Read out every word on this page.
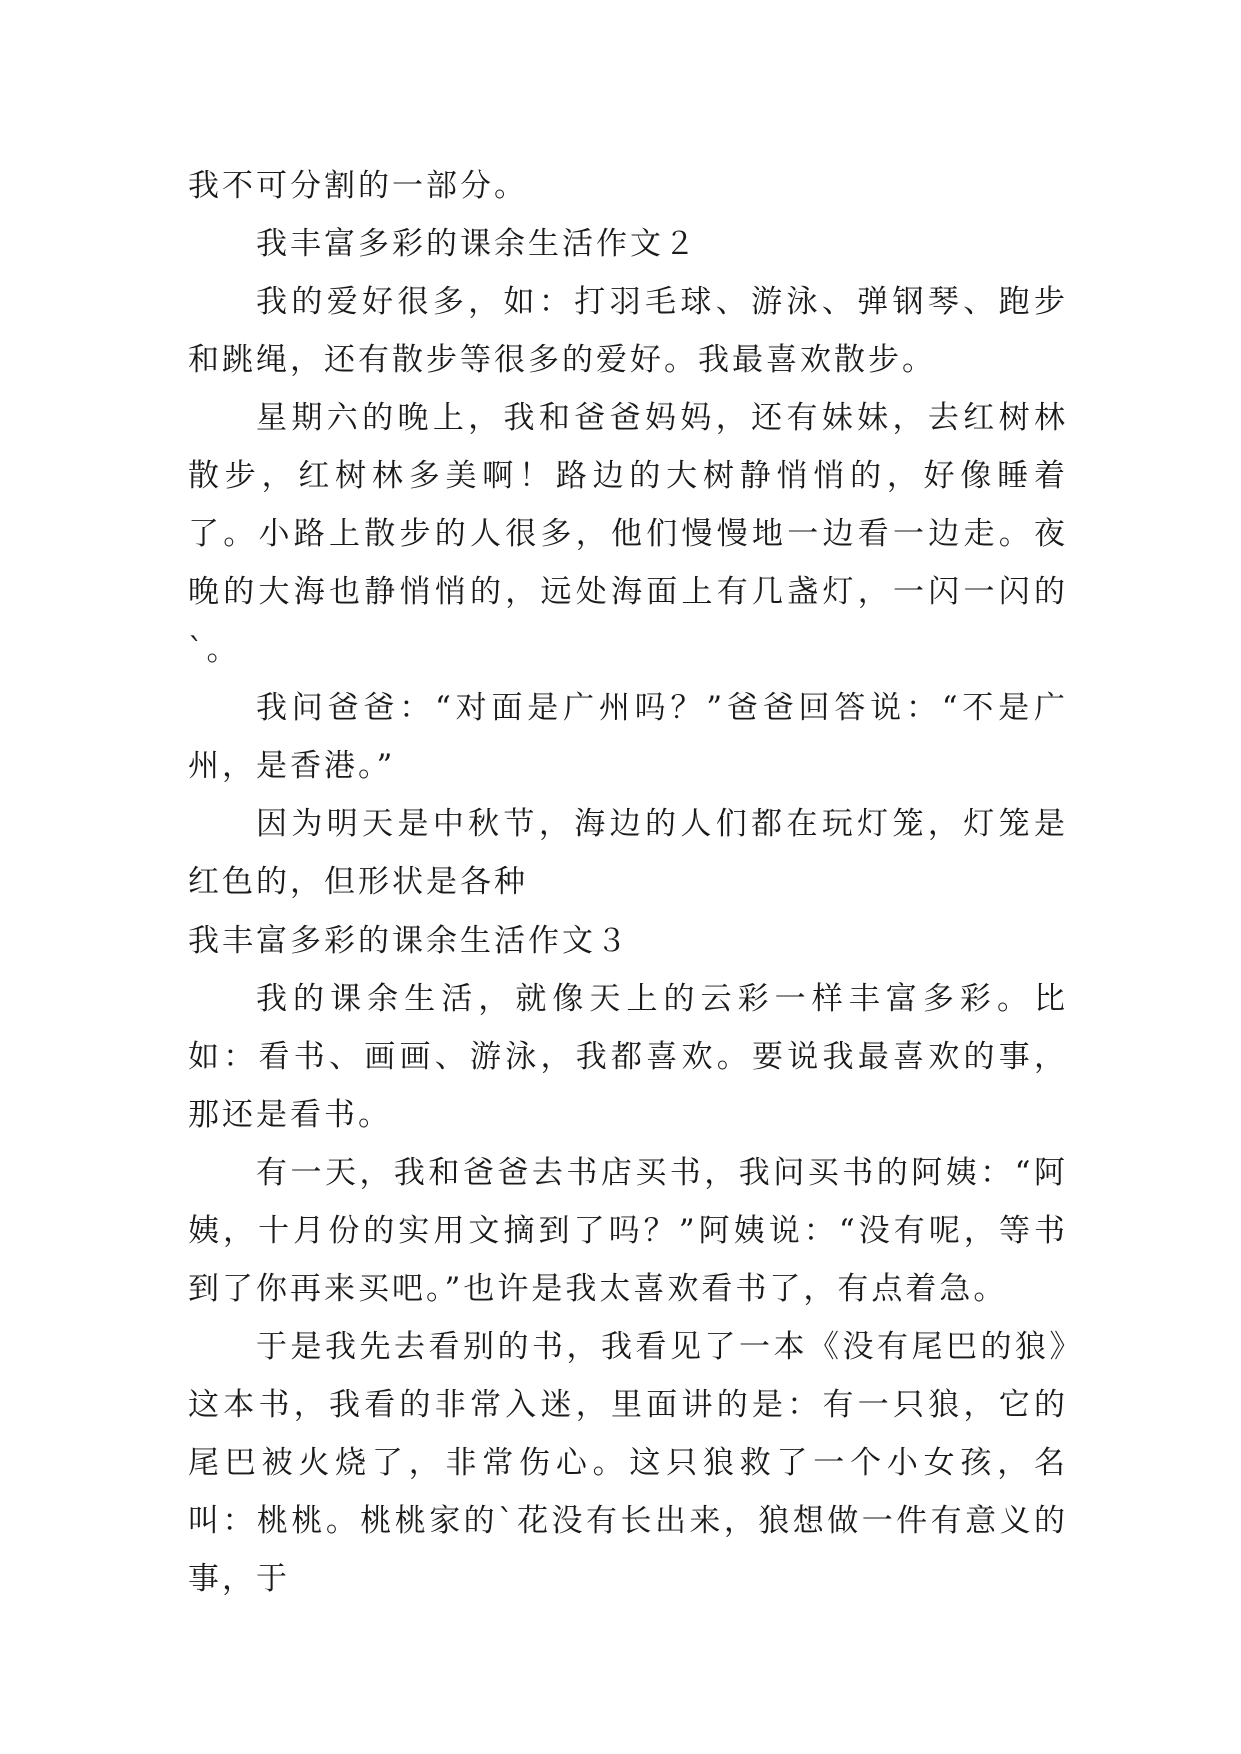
我不可分割的一部分。

我丰富多彩的课余生活作文２

我的爱好很多，如：打羽毛球、游泳、弹钢琴、跑步和跳绳，还有散步等很多的爱好。我最喜欢散步。

星期六的晚上，我和爸爸妈妈，还有妹妹，去红树林散步，红树林多美啊！路边的大树静悄悄的，好像睡着了。小路上散步的人很多，他们慢慢地一边看一边走。夜晚的大海也静悄悄的，远处海面上有几盏灯，一闪一闪的`。

我问爸爸：“对面是广州吗？”爸爸回答说：“不是广州，是香港。”

因为明天是中秋节，海边的人们都在玩灯笼，灯笼是红色的，但形状是各种

我丰富多彩的课余生活作文３

我的课余生活，就像天上的云彩一样丰富多彩。比如：看书、画画、游泳，我都喜欢。要说我最喜欢的事，那还是看书。

有一天，我和爸爸去书店买书，我问买书的阿姨：“阿姨，十月份的实用文摘到了吗？”阿姨说：“没有呢，等书到了你再来买吧。”也许是我太喜欢看书了，有点着急。

于是我先去看别的书，我看见了一本《没有尾巴的狼》这本书，我看的非常入迷，里面讲的是：有一只狼，它的尾巴被火烧了，非常伤心。这只狼救了一个小女孩，名叫：桃桃。桃桃家的`花没有长出来，狼想做一件有意义的事，于
